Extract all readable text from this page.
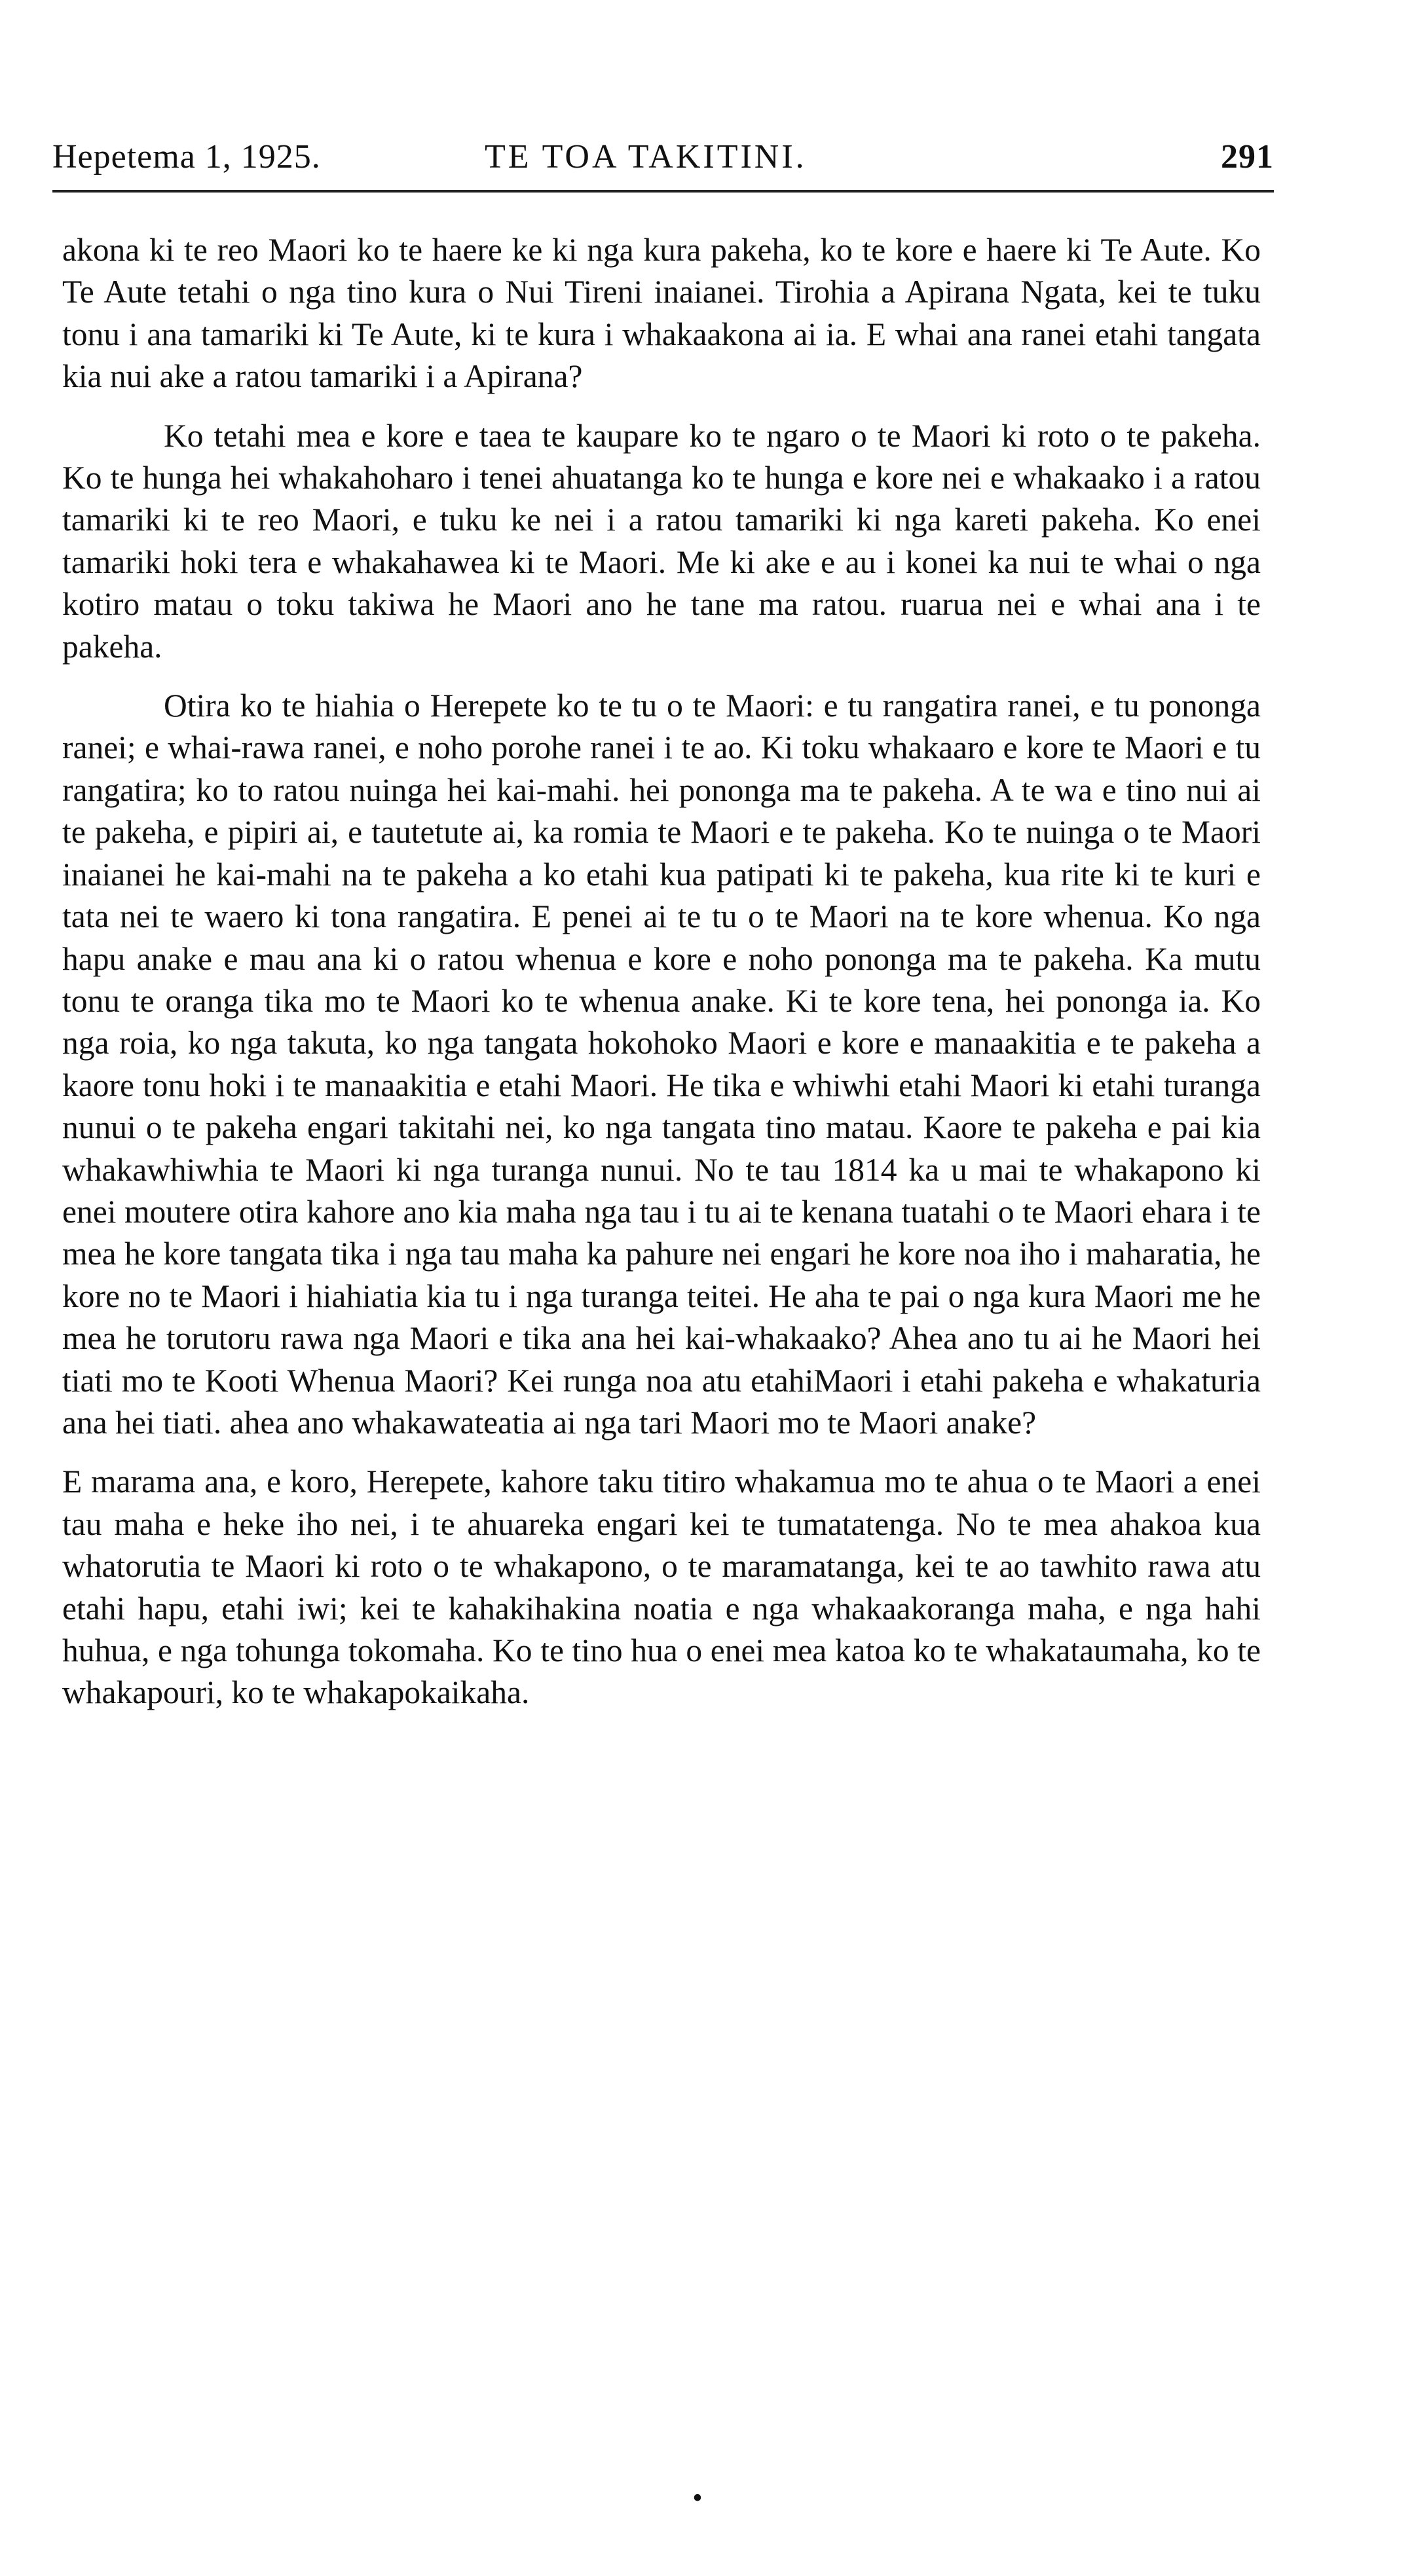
Hepetema 1, 1925.	TE TOA TAKITINI.	291

akona ki te reo Maori ko te haere ke ki nga kura pakeha, ko te kore e haere ki Te Aute. Ko Te Aute tetahi o nga tino kura o Nui Tireni inaianei. Tirohia a Apirana Ngata, kei te tuku tonu i ana tamariki ki Te Aute, ki te kura i whakaakona ai ia. E whai ana ranei etahi tangata kia nui ake a ratou tamariki i a Apirana?

Ko tetahi mea e kore e taea te kaupare ko te ngaro o te Maori ki roto o te pakeha. Ko te hunga hei whakahoharo i tenei ahuatanga ko te hunga e kore nei e whakaako i a ratou tamariki ki te reo Maori, e tuku ke nei i a ratou tamariki ki nga kareti pakeha. Ko enei tamariki hoki tera e whakahawea ki te Maori. Me ki ake e au i konei ka nui te whai o nga kotiro matau o toku takiwa he Maori ano he tane ma ratou. ruarua nei e whai ana i te pakeha.

Otira ko te hiahia o Herepete ko te tu o te Maori: e tu rangatira ranei, e tu pononga ranei; e whai-rawa ranei, e noho porohe ranei i te ao. Ki toku whakaaro e kore te Maori e tu rangatira; ko to ratou nuinga hei kai-mahi. hei pononga ma te pakeha. A te wa e tino nui ai te pakeha, e pipiri ai, e tautetute ai, ka romia te Maori e te pakeha. Ko te nuinga o te Maori inaianei he kai-mahi na te pakeha a ko etahi kua patipati ki te pakeha, kua rite ki te kuri e tata nei te waero ki tona rangatira. E penei ai te tu o te Maori na te kore whenua. Ko nga hapu anake e mau ana ki o ratou whenua e kore e noho pononga ma te pakeha. Ka mutu tonu te oranga tika mo te Maori ko te whenua anake. Ki te kore tena, hei pononga ia. Ko nga roia, ko nga takuta, ko nga tangata hokohoko Maori e kore e manaakitia e te pakeha a kaore tonu hoki i te manaakitia e etahi Maori. He tika e whiwhi etahi Maori ki etahi turanga nunui o te pakeha engari takitahi nei, ko nga tangata tino matau. Kaore te pakeha e pai kia whakawhiwhia te Maori ki nga turanga nunui. No te tau 1814 ka u mai te whakapono ki enei moutere otira kahore ano kia maha nga tau i tu ai te kenana tuatahi o te Maori ehara i te mea he kore tangata tika i nga tau maha ka pahure nei engari he kore noa iho i maharatia, he kore no te Maori i hiahiatia kia tu i nga turanga teitei. He aha te pai o nga kura Maori me he mea he torutoru rawa nga Maori e tika ana hei kai-whakaako? Ahea ano tu ai he Maori hei tiati mo te Kooti Whenua Maori? Kei runga noa atu etahiMaori i etahi pakeha e whakaturia ana hei tiati. ahea ano whakawateatia ai nga tari Maori mo te Maori anake?

E marama ana, e koro, Herepete, kahore taku titiro whakamua mo te ahua o te Maori a enei tau maha e heke iho nei, i te ahuareka engari kei te tumatatenga. No te mea ahakoa kua whatorutia te Maori ki roto o te whakapono, o te maramatanga, kei te ao tawhito rawa atu etahi hapu, etahi iwi; kei te kahakihakina noatia e nga whakaakoranga maha, e nga hahi huhua, e nga tohunga tokomaha. Ko te tino hua o enei mea katoa ko te whakataumaha, ko te whakapouri, ko te whakapokaikaha.

•
